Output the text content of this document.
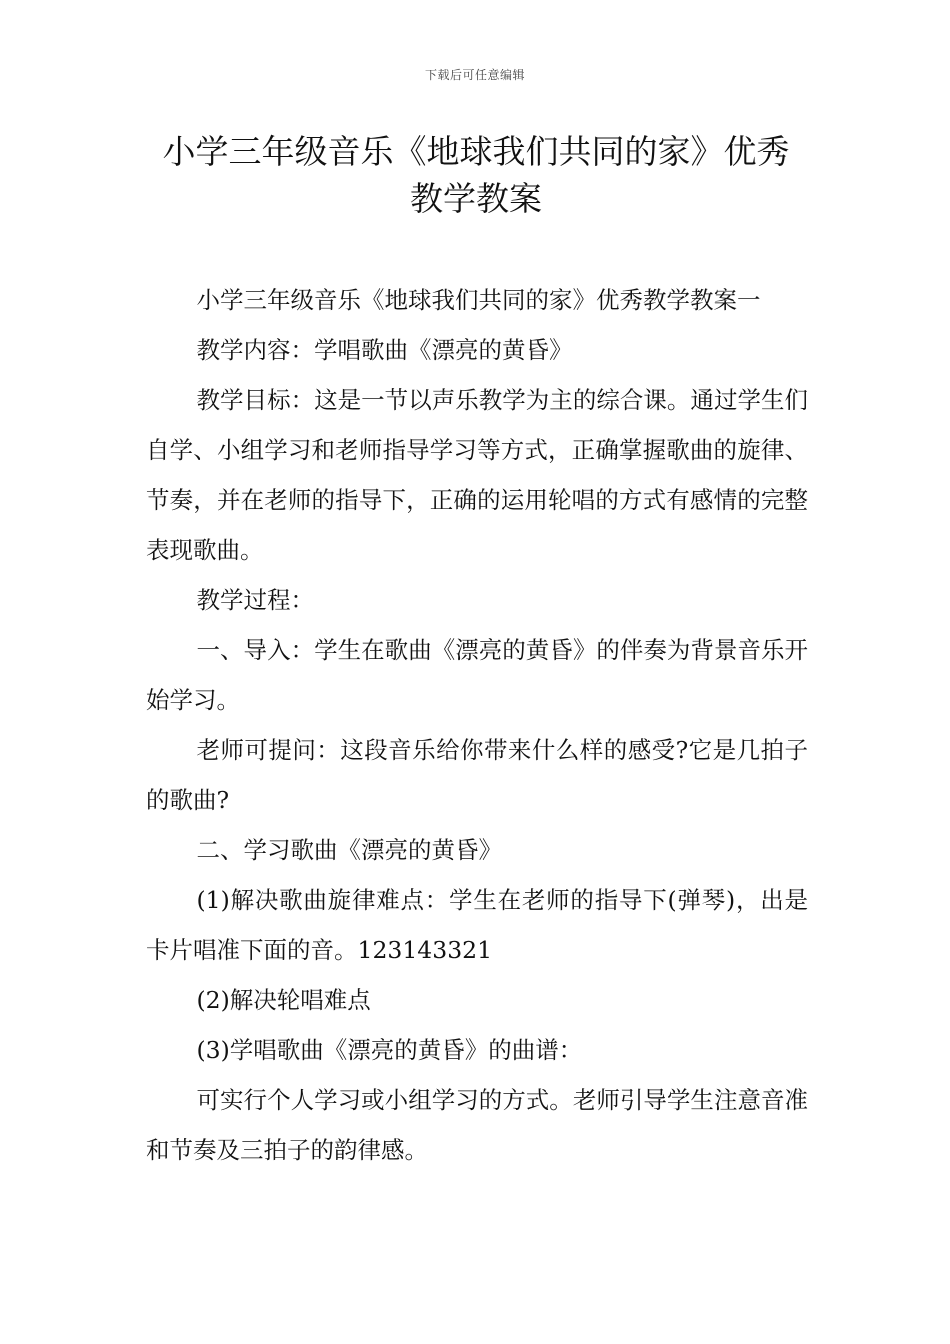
下载后可任意编辑
小学三年级音乐《地球我们共同的家》优秀教学教案

小学三年级音乐《地球我们共同的家》优秀教学教案一

教学内容：学唱歌曲《漂亮的黄昏》

教学目标：这是一节以声乐教学为主的综合课。通过学生们自学、小组学习和老师指导学习等方式，正确掌握歌曲的旋律、节奏，并在老师的指导下，正确的运用轮唱的方式有感情的完整表现歌曲。

教学过程：

一、导入：学生在歌曲《漂亮的黄昏》的伴奏为背景音乐开始学习。

老师可提问：这段音乐给你带来什么样的感受?它是几拍子的歌曲?

二、学习歌曲《漂亮的黄昏》

(1)解决歌曲旋律难点：学生在老师的指导下(弹琴)，出是卡片唱准下面的音。123143321

(2)解决轮唱难点

(3)学唱歌曲《漂亮的黄昏》的曲谱：

可实行个人学习或小组学习的方式。老师引导学生注意音准和节奏及三拍子的韵律感。
